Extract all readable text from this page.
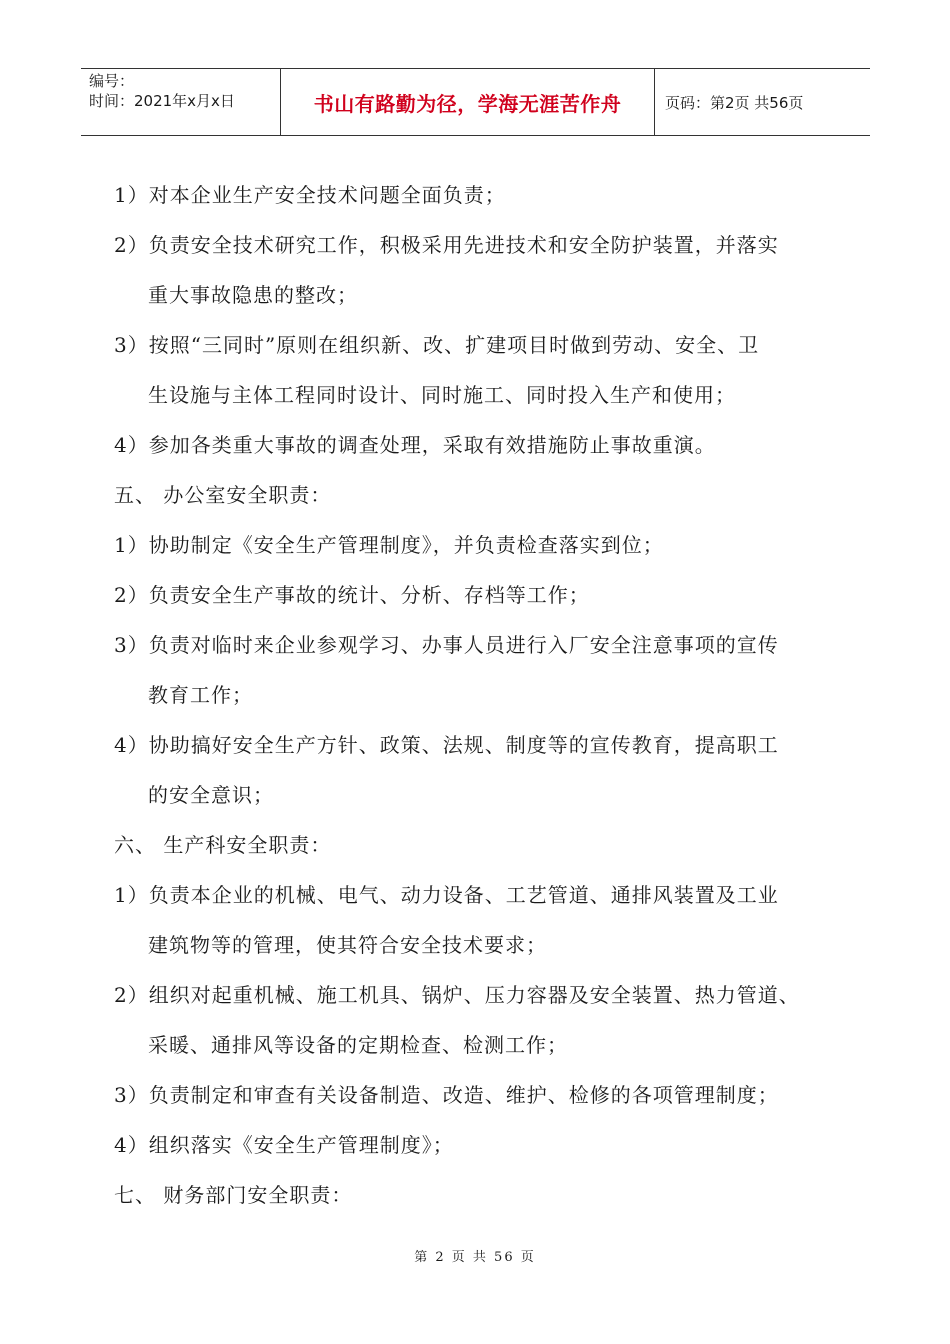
编号：
时间：2021年x月x日	书山有路勤为径，学海无涯苦作舟	页码：第2页 共56页
1）对本企业生产安全技术问题全面负责；
2）负责安全技术研究工作，积极采用先进技术和安全防护装置，并落实
重大事故隐患的整改；
3）按照“三同时”原则在组织新、改、扩建项目时做到劳动、安全、卫
生设施与主体工程同时设计、同时施工、同时投入生产和使用；
4）参加各类重大事故的调查处理，采取有效措施防止事故重演。
五、 办公室安全职责：
1）协助制定《安全生产管理制度》，并负责检查落实到位；
2）负责安全生产事故的统计、分析、存档等工作；
3）负责对临时来企业参观学习、办事人员进行入厂安全注意事项的宣传
教育工作；
4）协助搞好安全生产方针、政策、法规、制度等的宣传教育，提高职工
的安全意识；
六、 生产科安全职责：
1）负责本企业的机械、电气、动力设备、工艺管道、通排风装置及工业
建筑物等的管理，使其符合安全技术要求；
2）组织对起重机械、施工机具、锅炉、压力容器及安全装置、热力管道、
采暖、通排风等设备的定期检查、检测工作；
3）负责制定和审查有关设备制造、改造、维护、检修的各项管理制度；
4）组织落实《安全生产管理制度》；
七、 财务部门安全职责：
第 2 页 共 56 页
